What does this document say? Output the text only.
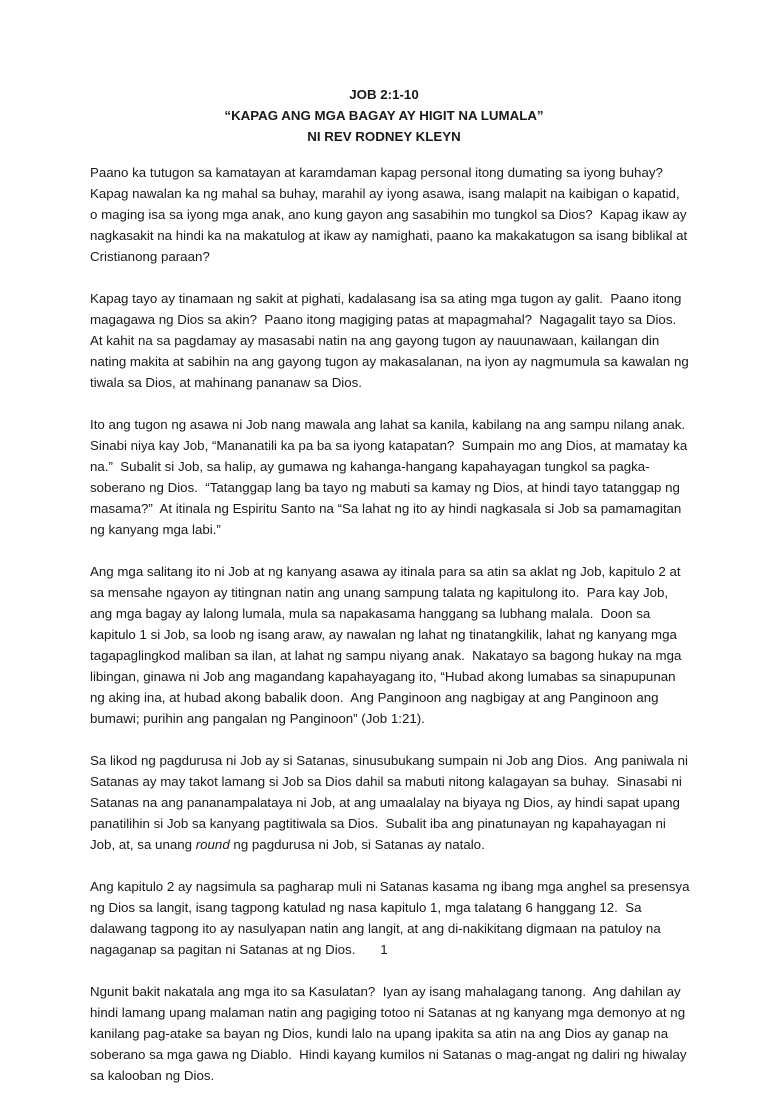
JOB 2:1-10
“KAPAG ANG MGA BAGAY AY HIGIT NA LUMALA”
NI REV RODNEY KLEYN

Paano ka tutugon sa kamatayan at karamdaman kapag personal itong dumating sa iyong buhay?  Kapag nawalan ka ng mahal sa buhay, marahil ay iyong asawa, isang malapit na kaibigan o kapatid, o maging isa sa iyong mga anak, ano kung gayon ang sasabihin mo tungkol sa Dios?  Kapag ikaw ay nagkasakit na hindi ka na makatulog at ikaw ay namighati, paano ka makakatugon sa isang biblikal at Cristianong paraan?

Kapag tayo ay tinamaan ng sakit at pighati, kadalasang isa sa ating mga tugon ay galit.  Paano itong magagawa ng Dios sa akin?  Paano itong magiging patas at mapagmahal?  Nagagalit tayo sa Dios.  At kahit na sa pagdamay ay masasabi natin na ang gayong tugon ay nauunawaan, kailangan din nating makita at sabihin na ang gayong tugon ay makasalanan, na iyon ay nagmumula sa kawalan ng tiwala sa Dios, at mahinang pananaw sa Dios.

Ito ang tugon ng asawa ni Job nang mawala ang lahat sa kanila, kabilang na ang sampu nilang anak.  Sinabi niya kay Job, “Mananatili ka pa ba sa iyong katapatan?  Sumpain mo ang Dios, at mamatay ka na.”  Subalit si Job, sa halip, ay gumawa ng kahanga-hangang kapahayagan tungkol sa pagka-soberano ng Dios.  “Tatanggap lang ba tayo ng mabuti sa kamay ng Dios, at hindi tayo tatanggap ng masama?”  At itinala ng Espiritu Santo na “Sa lahat ng ito ay hindi nagkasala si Job sa pamamagitan ng kanyang mga labi.”

Ang mga salitang ito ni Job at ng kanyang asawa ay itinala para sa atin sa aklat ng Job, kapitulo 2 at sa mensahe ngayon ay titingnan natin ang unang sampung talata ng kapitulong ito.  Para kay Job, ang mga bagay ay lalong lumala, mula sa napakasama hanggang sa lubhang malala.  Doon sa kapitulo 1 si Job, sa loob ng isang araw, ay nawalan ng lahat ng tinatangkilik, lahat ng kanyang mga tagapaglingkod maliban sa ilan, at lahat ng sampu niyang anak.  Nakatayo sa bagong hukay na mga libingan, ginawa ni Job ang magandang kapahayagang ito, “Hubad akong lumabas sa sinapupunan ng aking ina, at hubad akong babalik doon.  Ang Panginoon ang nagbigay at ang Panginoon ang bumawi; purihin ang pangalan ng Panginoon” (Job 1:21).

Sa likod ng pagdurusa ni Job ay si Satanas, sinusubukang sumpain ni Job ang Dios.  Ang paniwala ni Satanas ay may takot lamang si Job sa Dios dahil sa mabuti nitong kalagayan sa buhay.  Sinasabi ni Satanas na ang pananampalataya ni Job, at ang umaalalay na biyaya ng Dios, ay hindi sapat upang panatilihin si Job sa kanyang pagtitiwala sa Dios.  Subalit iba ang pinatunayan ng kapahayagan ni Job, at, sa unang round ng pagdurusa ni Job, si Satanas ay natalo.

Ang kapitulo 2 ay nagsimula sa pagharap muli ni Satanas kasama ng ibang mga anghel sa presensya ng Dios sa langit, isang tagpong katulad ng nasa kapitulo 1, mga talatang 6 hanggang 12.  Sa dalawang tagpong ito ay nasulyapan natin ang langit, at ang di-nakikitang digmaan na patuloy na nagaganap sa pagitan ni Satanas at ng Dios.

Ngunit bakit nakatala ang mga ito sa Kasulatan?  Iyan ay isang mahalagang tanong.  Ang dahilan ay hindi lamang upang malaman natin ang pagiging totoo ni Satanas at ng kanyang mga demonyo at ng kanilang pag-atake sa bayan ng Dios, kundi lalo na upang ipakita sa atin na ang Dios ay ganap na soberano sa mga gawa ng Diablo.  Hindi kayang kumilos ni Satanas o mag-angat ng daliri ng hiwalay sa kalooban ng Dios.

1
